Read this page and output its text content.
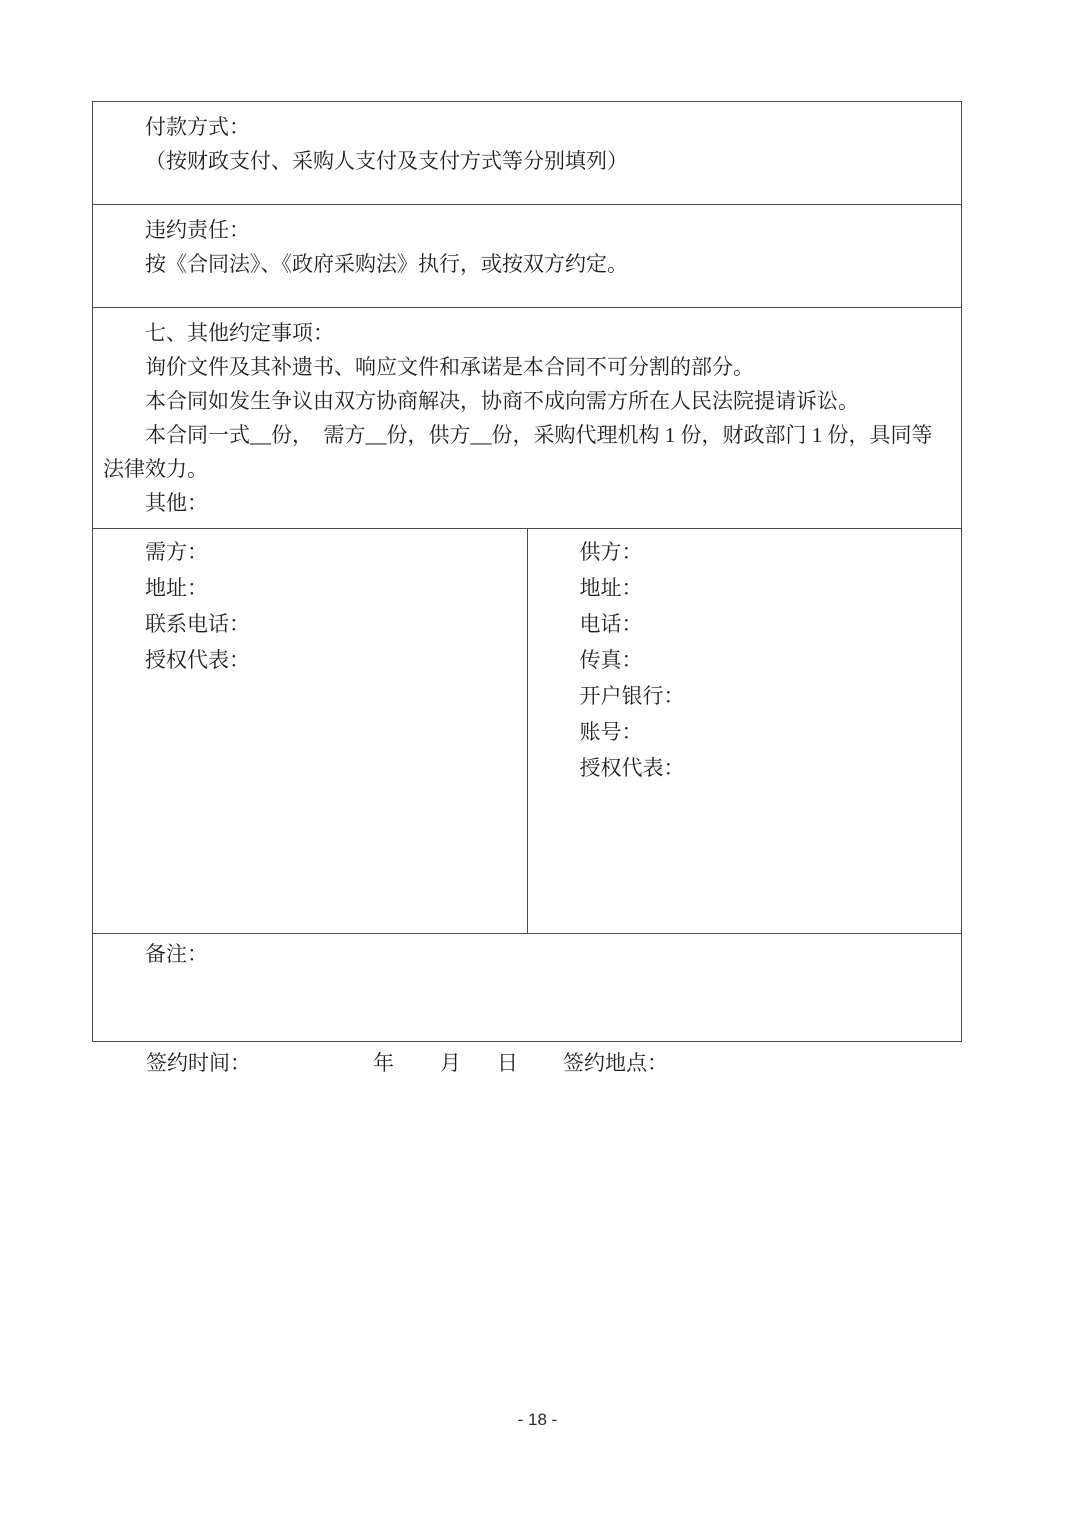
付款方式：

（按财政支付、采购人支付及支付方式等分别填列）

违约责任：

按《合同法》、《政府采购法》执行，或按双方约定。

七、其他约定事项：

询价文件及其补遗书、响应文件和承诺是本合同不可分割的部分。

本合同如发生争议由双方协商解决，协商不成向需方所在人民法院提请诉讼。

本合同一式__份，　需方__份，供方__份，采购代理机构 1 份，财政部门 1 份，具同等

法律效力。

其他：

需方：

地址：

联系电话：

授权代表：

供方：

地址：

电话：

传真：

开户银行：

账号：

授权代表：

备注：

签约时间：	年 月 日 签约地点：
- 18 -
